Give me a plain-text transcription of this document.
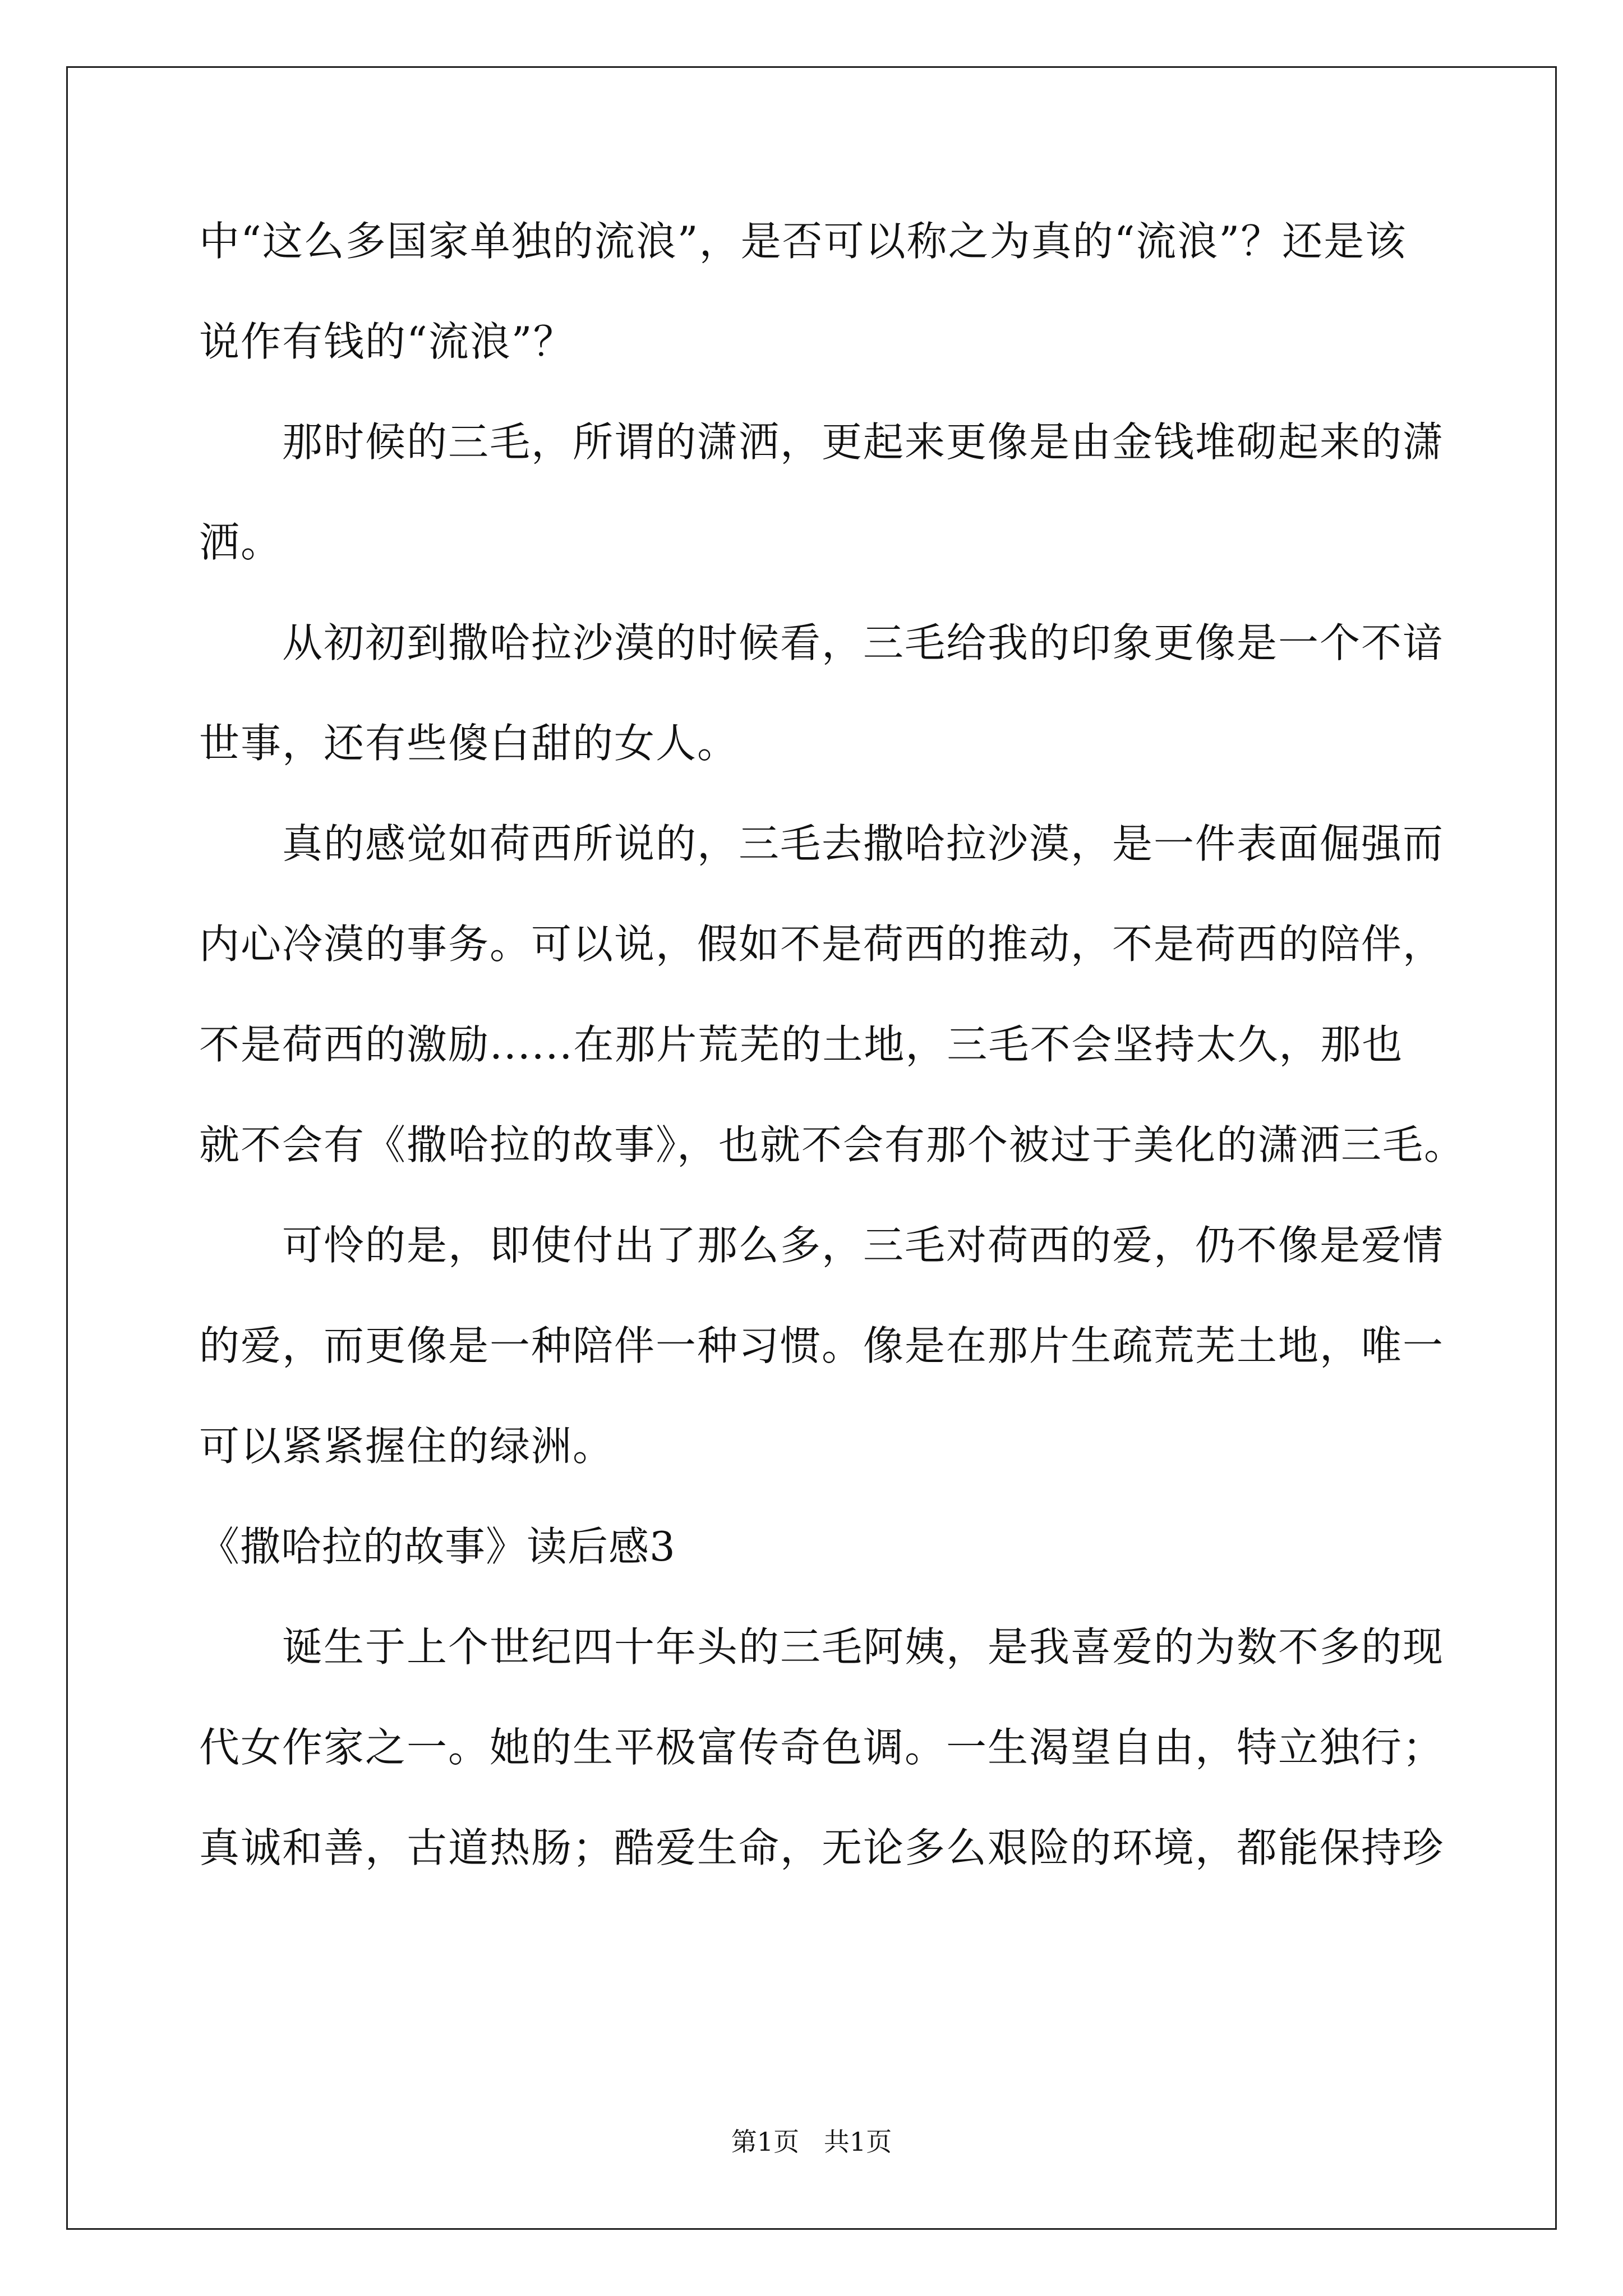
中“这么多国家单独的流浪”，是否可以称之为真的“流浪”？还是该
说作有钱的“流浪”？
那时候的三毛，所谓的潇洒，更起来更像是由金钱堆砌起来的潇
洒。
从初初到撒哈拉沙漠的时候看，三毛给我的印象更像是一个不谙
世事，还有些傻白甜的女人。
真的感觉如荷西所说的，三毛去撒哈拉沙漠，是一件表面倔强而
内心冷漠的事务。可以说，假如不是荷西的推动，不是荷西的陪伴，
不是荷西的激励......在那片荒芜的土地，三毛不会坚持太久，那也
就不会有《撒哈拉的故事》，也就不会有那个被过于美化的潇洒三毛。
可怜的是，即使付出了那么多，三毛对荷西的爱，仍不像是爱情
的爱，而更像是一种陪伴一种习惯。像是在那片生疏荒芜土地，唯一
可以紧紧握住的绿洲。
《撒哈拉的故事》读后感3
诞生于上个世纪四十年头的三毛阿姨，是我喜爱的为数不多的现
代女作家之一。她的生平极富传奇色调。一生渴望自由，特立独行；
真诚和善，古道热肠；酷爱生命，无论多么艰险的环境，都能保持珍
第1页   共1页
